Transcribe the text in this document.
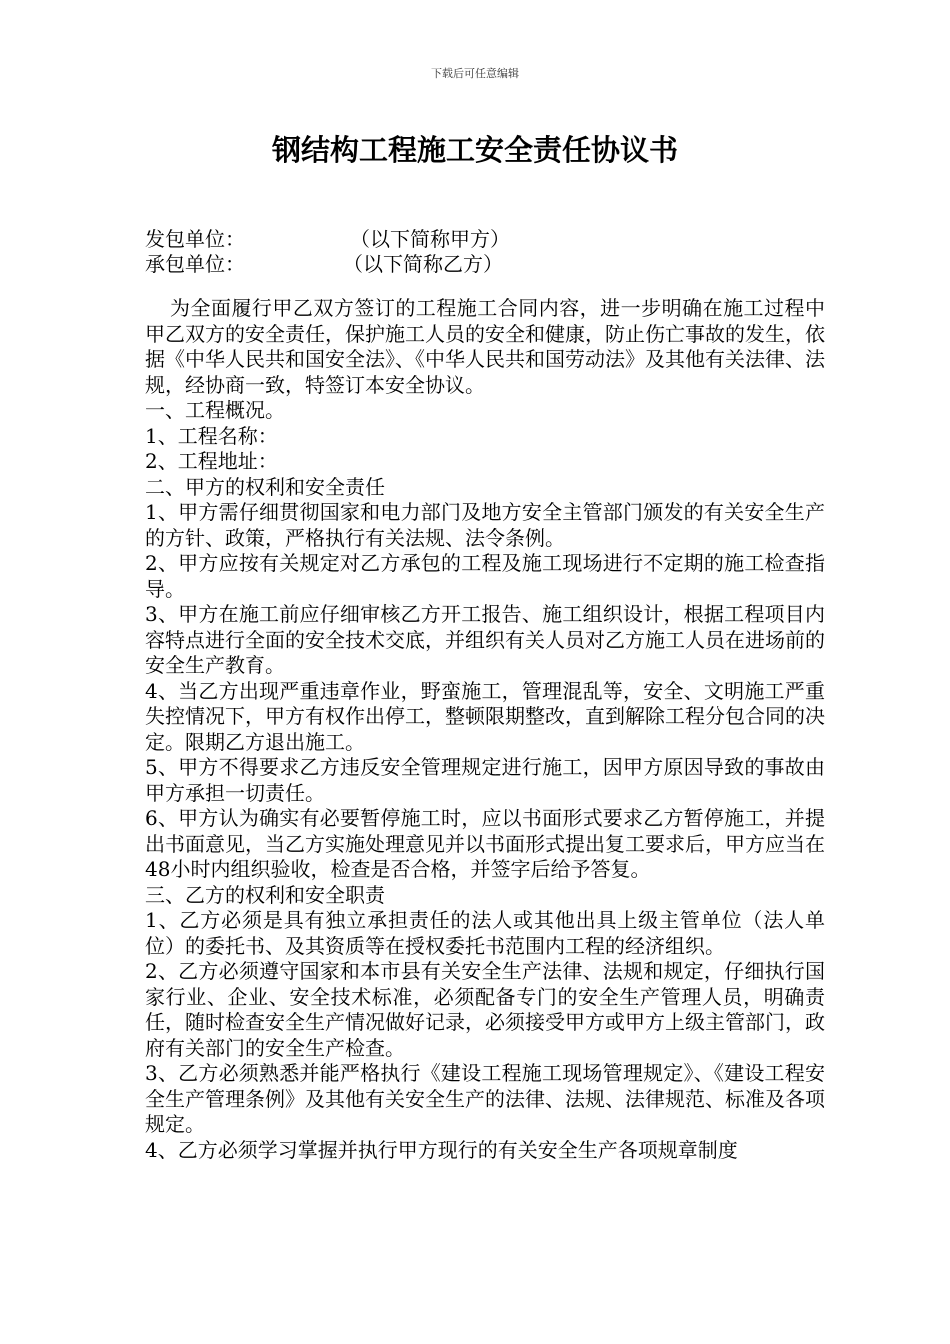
下载后可任意编辑
钢结构工程施工安全责任协议书
发包单位：	（以下简称甲方）
承包单位：	（以下简称乙方）

为全面履行甲乙双方签订的工程施工合同内容，进一步明确在施工过程中甲乙双方的安全责任，保护施工人员的安全和健康，防止伤亡事故的发生，依据《中华人民共和国安全法》、《中华人民共和国劳动法》及其他有关法律、法规，经协商一致，特签订本安全协议。

一、工程概况。

1、工程名称：

2、工程地址：

二、甲方的权利和安全责任

1、甲方需仔细贯彻国家和电力部门及地方安全主管部门颁发的有关安全生产的方针、政策，严格执行有关法规、法令条例。

2、甲方应按有关规定对乙方承包的工程及施工现场进行不定期的施工检查指导。

3、甲方在施工前应仔细审核乙方开工报告、施工组织设计，根据工程项目内容特点进行全面的安全技术交底，并组织有关人员对乙方施工人员在进场前的安全生产教育。

4、当乙方出现严重违章作业，野蛮施工，管理混乱等，安全、文明施工严重失控情况下，甲方有权作出停工，整顿限期整改，直到解除工程分包合同的决定。限期乙方退出施工。

5、甲方不得要求乙方违反安全管理规定进行施工，因甲方原因导致的事故由甲方承担一切责任。

6、甲方认为确实有必要暂停施工时，应以书面形式要求乙方暂停施工，并提出书面意见，当乙方实施处理意见并以书面形式提出复工要求后，甲方应当在48小时内组织验收，检查是否合格，并签字后给予答复。

三、乙方的权利和安全职责

1、乙方必须是具有独立承担责任的法人或其他出具上级主管单位（法人单位）的委托书、及其资质等在授权委托书范围内工程的经济组织。

2、乙方必须遵守国家和本市县有关安全生产法律、法规和规定，仔细执行国家行业、企业、安全技术标准，必须配备专门的安全生产管理人员，明确责任，随时检查安全生产情况做好记录，必须接受甲方或甲方上级主管部门，政府有关部门的安全生产检查。

3、乙方必须熟悉并能严格执行《建设工程施工现场管理规定》、《建设工程安全生产管理条例》及其他有关安全生产的法律、法规、法律规范、标准及各项规定。

4、乙方必须学习掌握并执行甲方现行的有关安全生产各项规章制度
